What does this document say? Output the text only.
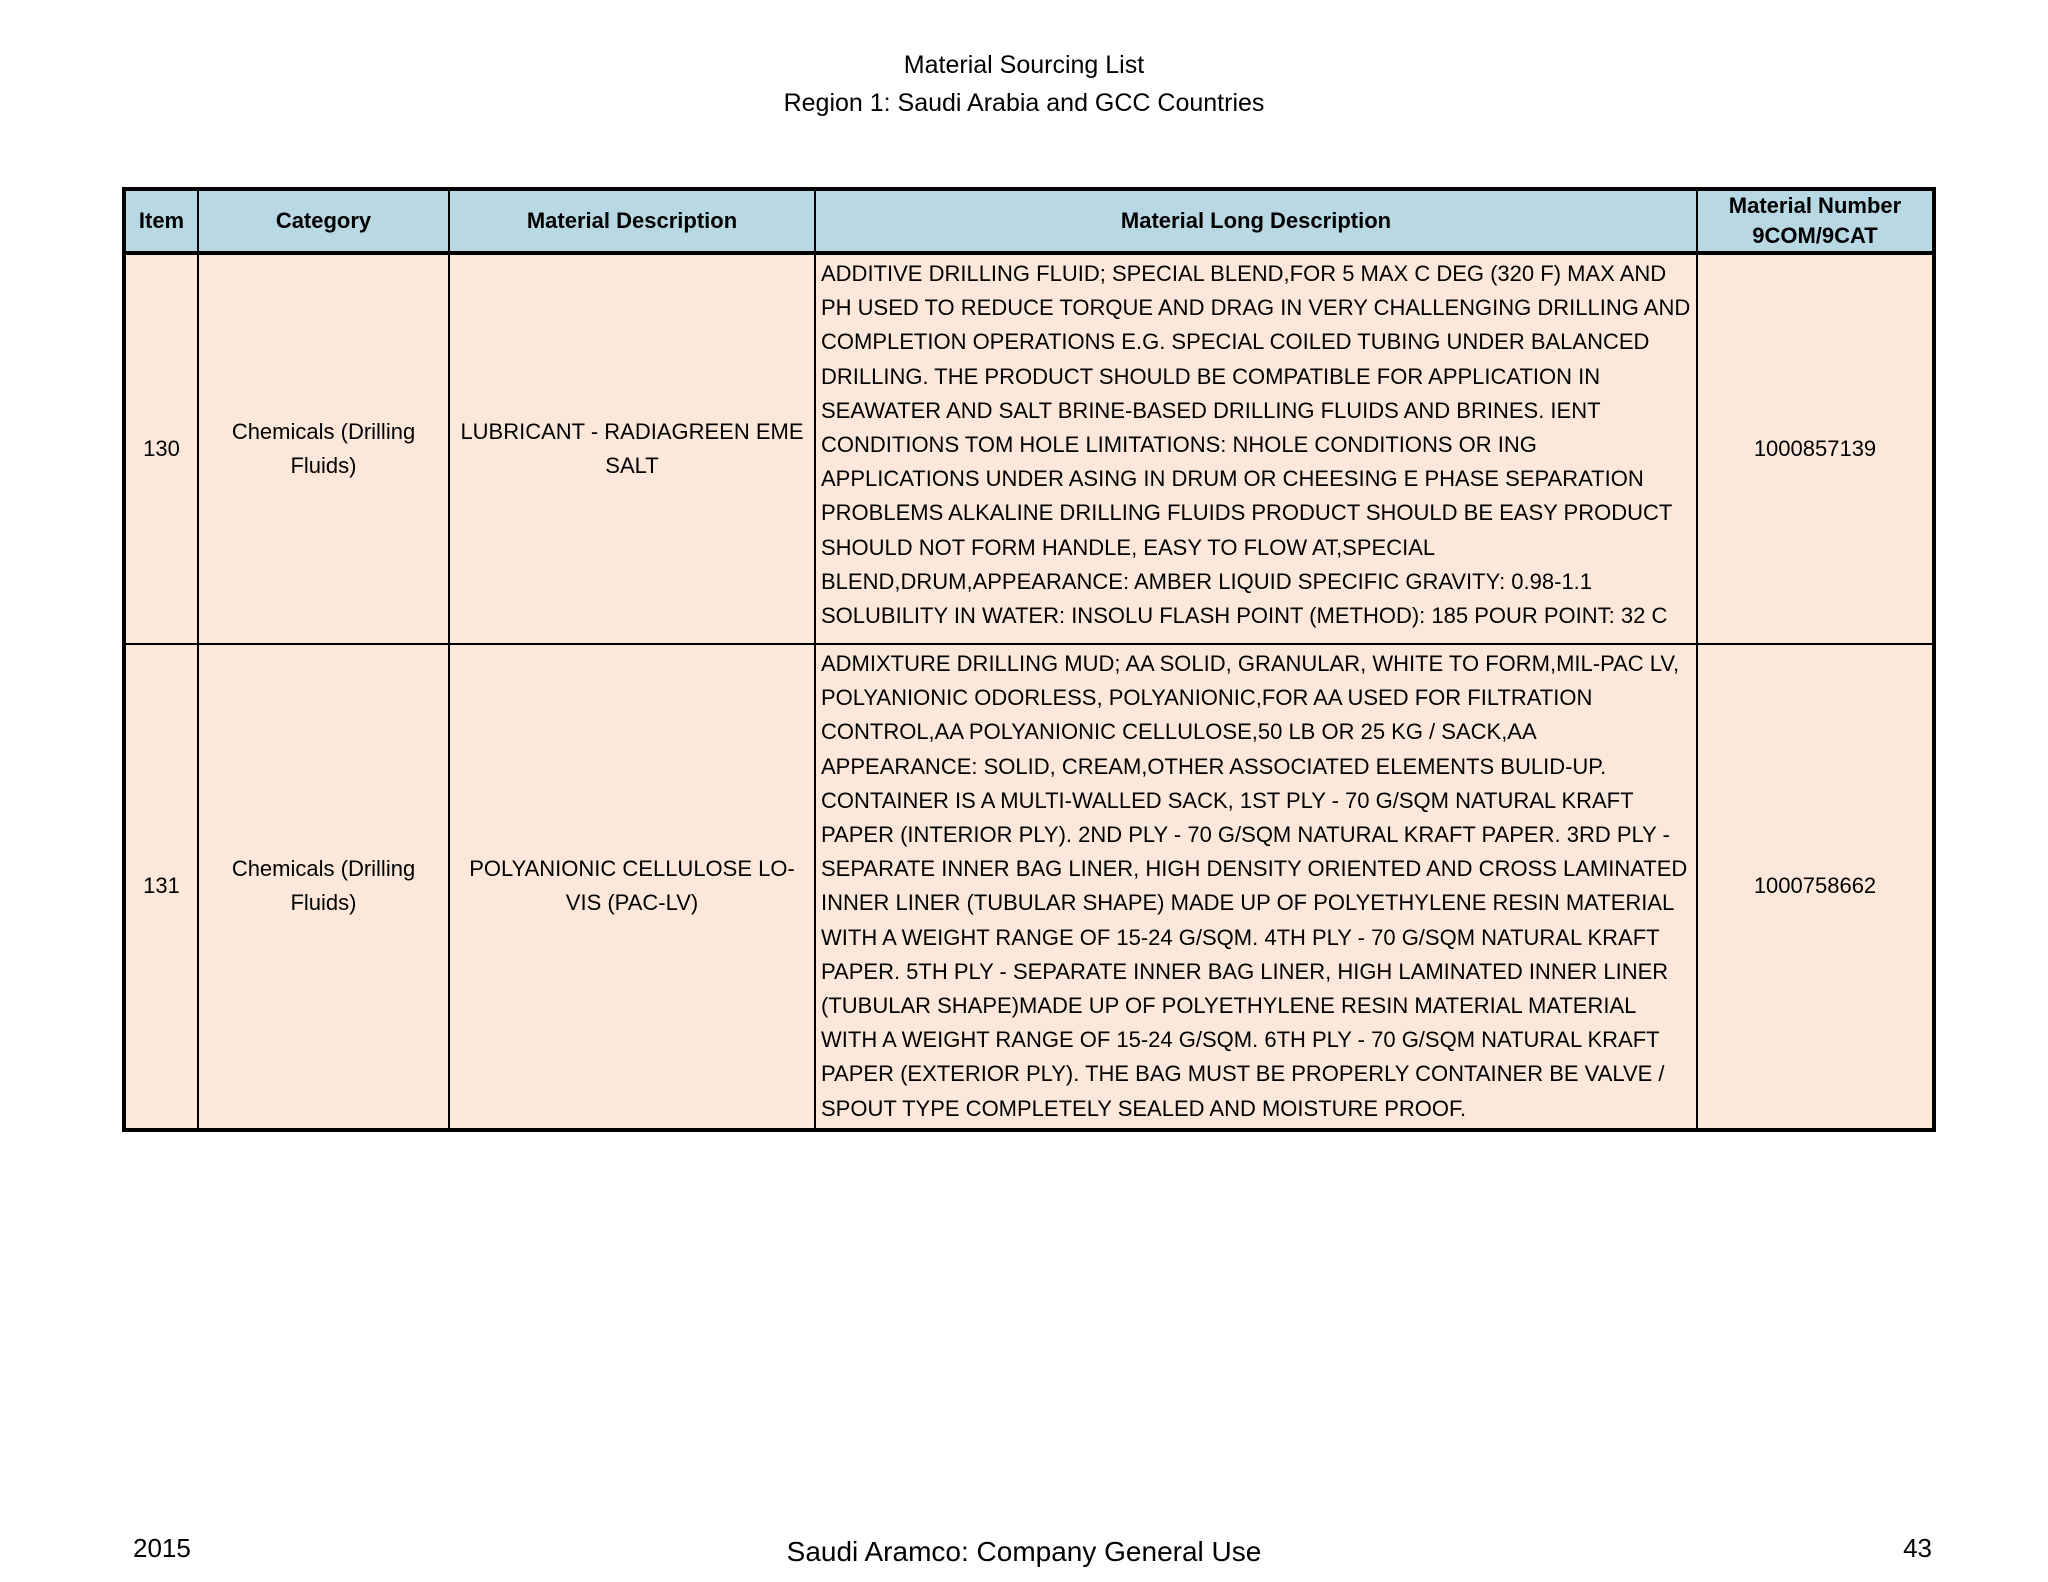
Material Sourcing List
Region 1: Saudi Arabia and GCC Countries
Item	Category	Material Description	Material Long Description	Material Number 9COM/9CAT
130	Chemicals (Drilling Fluids)	LUBRICANT - RADIAGREEN EME SALT	ADDITIVE DRILLING FLUID; SPECIAL BLEND,FOR 5 MAX C DEG (320 F) MAX AND PH USED TO REDUCE TORQUE AND DRAG IN VERY CHALLENGING DRILLING AND COMPLETION OPERATIONS E.G. SPECIAL COILED TUBING UNDER BALANCED DRILLING. THE PRODUCT SHOULD BE COMPATIBLE FOR APPLICATION IN SEAWATER AND SALT BRINE-BASED DRILLING FLUIDS AND BRINES. IENT CONDITIONS TOM HOLE LIMITATIONS: NHOLE CONDITIONS OR ING APPLICATIONS UNDER ASING IN DRUM OR CHEESING E PHASE SEPARATION PROBLEMS ALKALINE DRILLING FLUIDS PRODUCT SHOULD BE EASY PRODUCT SHOULD NOT FORM HANDLE, EASY TO FLOW AT,SPECIAL BLEND,DRUM,APPEARANCE: AMBER LIQUID SPECIFIC GRAVITY: 0.98-1.1 SOLUBILITY IN WATER: INSOLU FLASH POINT (METHOD): 185 POUR POINT: 32 C	1000857139
131	Chemicals (Drilling Fluids)	POLYANIONIC CELLULOSE LO-VIS (PAC-LV)	ADMIXTURE DRILLING MUD; AA SOLID, GRANULAR, WHITE TO FORM,MIL-PAC LV, POLYANIONIC ODORLESS, POLYANIONIC,FOR AA USED FOR FILTRATION CONTROL,AA POLYANIONIC CELLULOSE,50 LB OR 25 KG / SACK,AA APPEARANCE: SOLID, CREAM,OTHER ASSOCIATED ELEMENTS BULID-UP. CONTAINER IS A MULTI-WALLED SACK, 1ST PLY - 70 G/SQM NATURAL KRAFT PAPER (INTERIOR PLY). 2ND PLY - 70 G/SQM NATURAL KRAFT PAPER. 3RD PLY - SEPARATE INNER BAG LINER, HIGH DENSITY ORIENTED AND CROSS LAMINATED INNER LINER (TUBULAR SHAPE) MADE UP OF POLYETHYLENE RESIN MATERIAL WITH A WEIGHT RANGE OF 15-24 G/SQM. 4TH PLY - 70 G/SQM NATURAL KRAFT PAPER. 5TH PLY - SEPARATE INNER BAG LINER, HIGH LAMINATED INNER LINER (TUBULAR SHAPE)MADE UP OF POLYETHYLENE RESIN MATERIAL MATERIAL WITH A WEIGHT RANGE OF 15-24 G/SQM. 6TH PLY - 70 G/SQM NATURAL KRAFT PAPER (EXTERIOR PLY). THE BAG MUST BE PROPERLY CONTAINER BE VALVE / SPOUT TYPE COMPLETELY SEALED AND MOISTURE PROOF.	1000758662
2015	Saudi Aramco: Company General Use	43
